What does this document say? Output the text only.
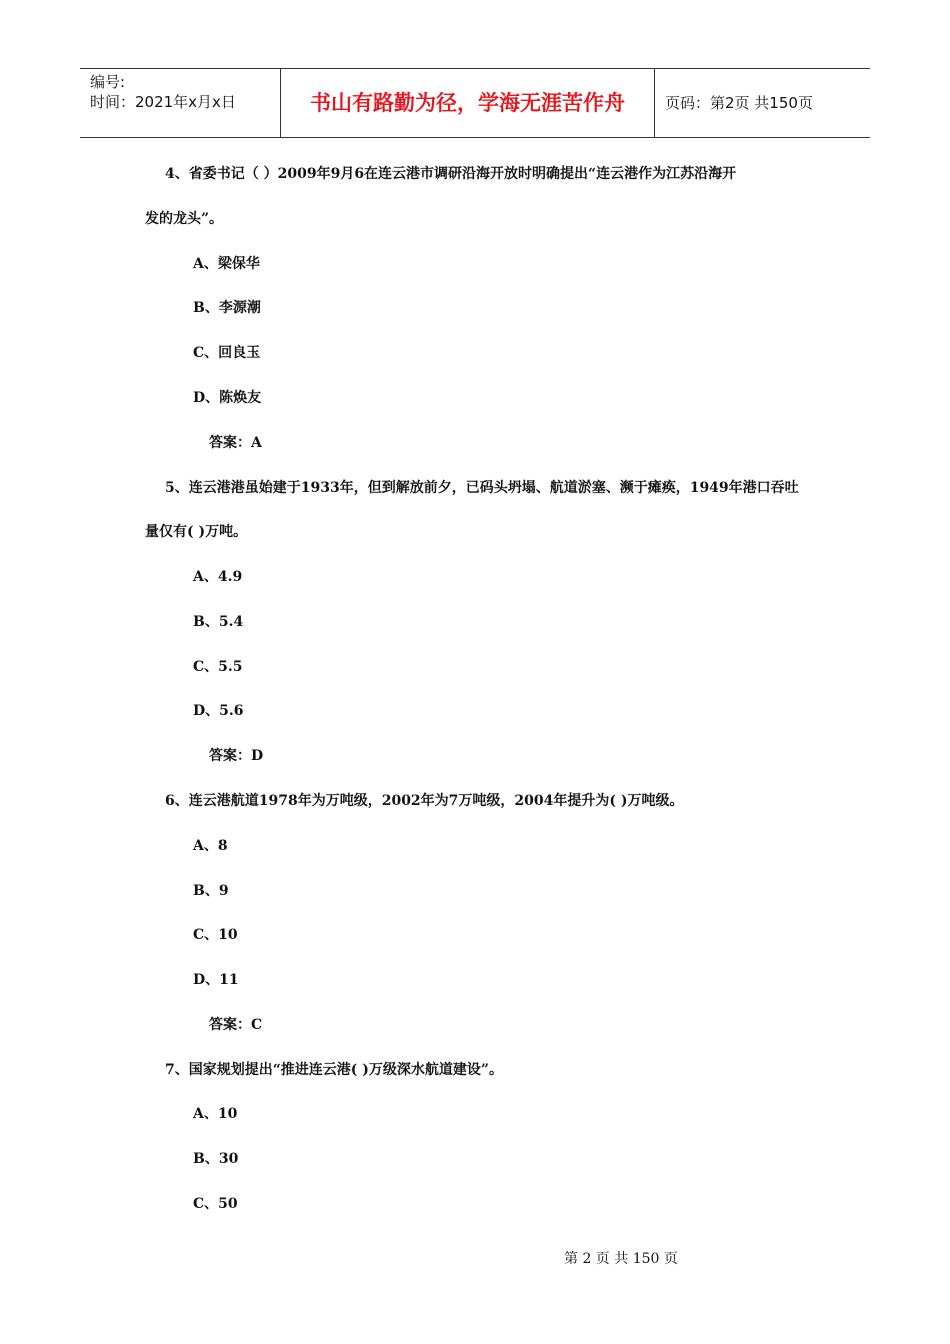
编号:
时间：2021年x月x日	书山有路勤为径，学海无涯苦作舟	页码：第2页 共150页
4、省委书记（ ）2009年9月6在连云港市调研沿海开放时明确提出“连云港作为江苏沿海开
发的龙头”。
A、梁保华
B、李源潮
C、回良玉
D、陈焕友
答案：A
5、连云港港虽始建于1933年，但到解放前夕，已码头坍塌、航道淤塞、濒于瘫痪，1949年港口吞吐
量仅有( )万吨。
A、4.9
B、5.4
C、5.5
D、5.6
答案：D
6、连云港航道1978年为万吨级，2002年为7万吨级，2004年提升为( )万吨级。
A、8
B、9
C、10
D、11
答案：C
7、国家规划提出“推进连云港( )万级深水航道建设”。
A、10
B、30
C、50
第 2 页 共 150 页
